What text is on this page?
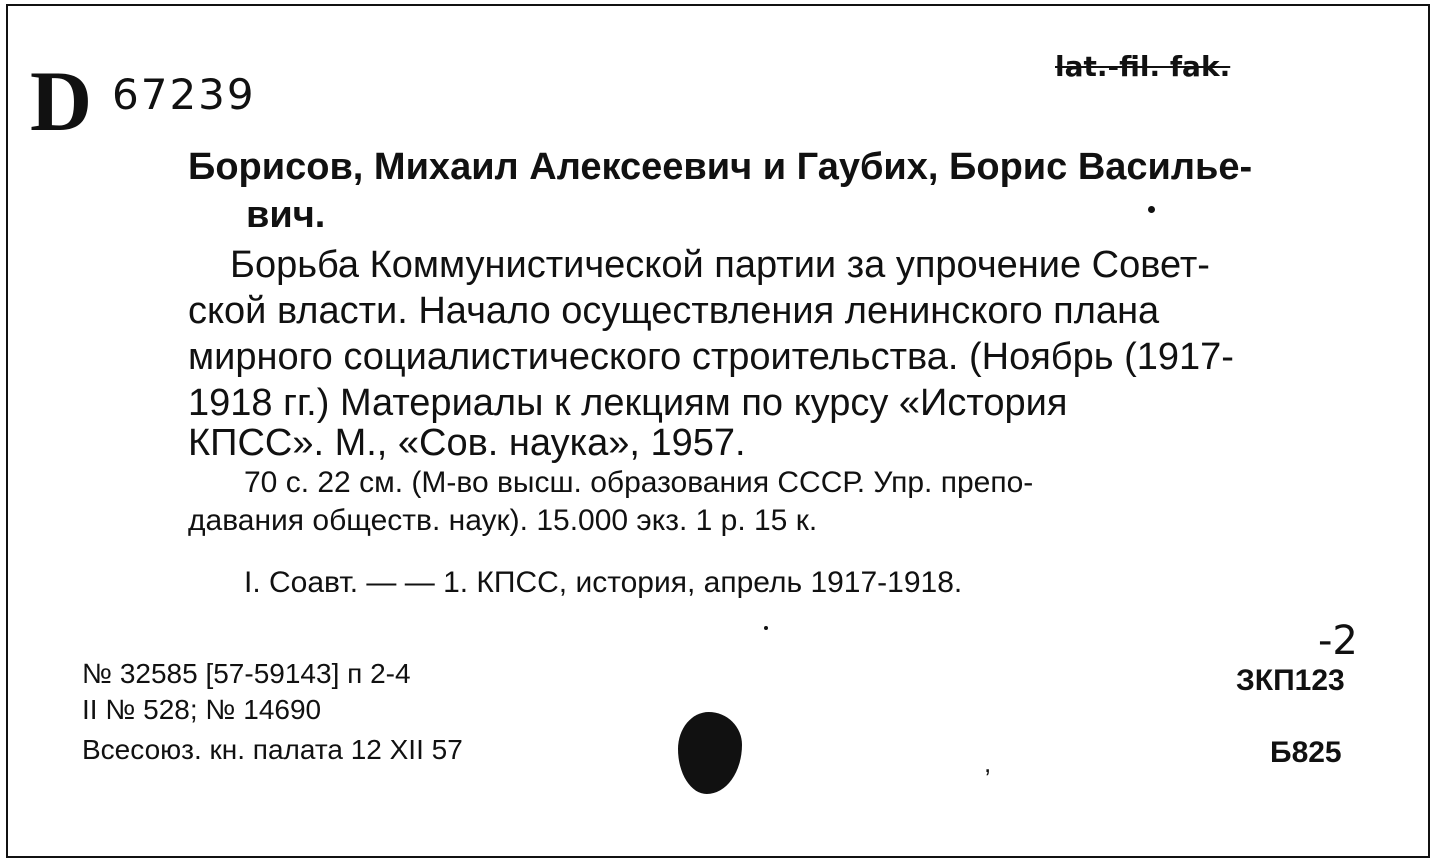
D 67239
lat.-fil. fak.
Борисов, Михаил Алексеевич и Гаубих, Борис Василье-
вич.
Борьба Коммунистической партии за упрочение Совет-
ской власти. Начало осуществления ленинского плана
мирного социалистического строительства. (Ноябрь (1917-
1918 гг.) Материалы к лекциям по курсу «История
КПСС». М., «Сов. наука», 1957.
70 с. 22 см. (М-во высш. образования СССР. Упр. препо-
давания обществ. наук). 15.000 экз. 1 р. 15 к.
I. Соавт. — — 1. КПСС, история, апрель 1917-1918.
№ 32585 [57-59143] п 2-4
II № 528; № 14690
Всесоюз. кн. палата 12 XII 57	,
-2
ЗКП123
Б825
